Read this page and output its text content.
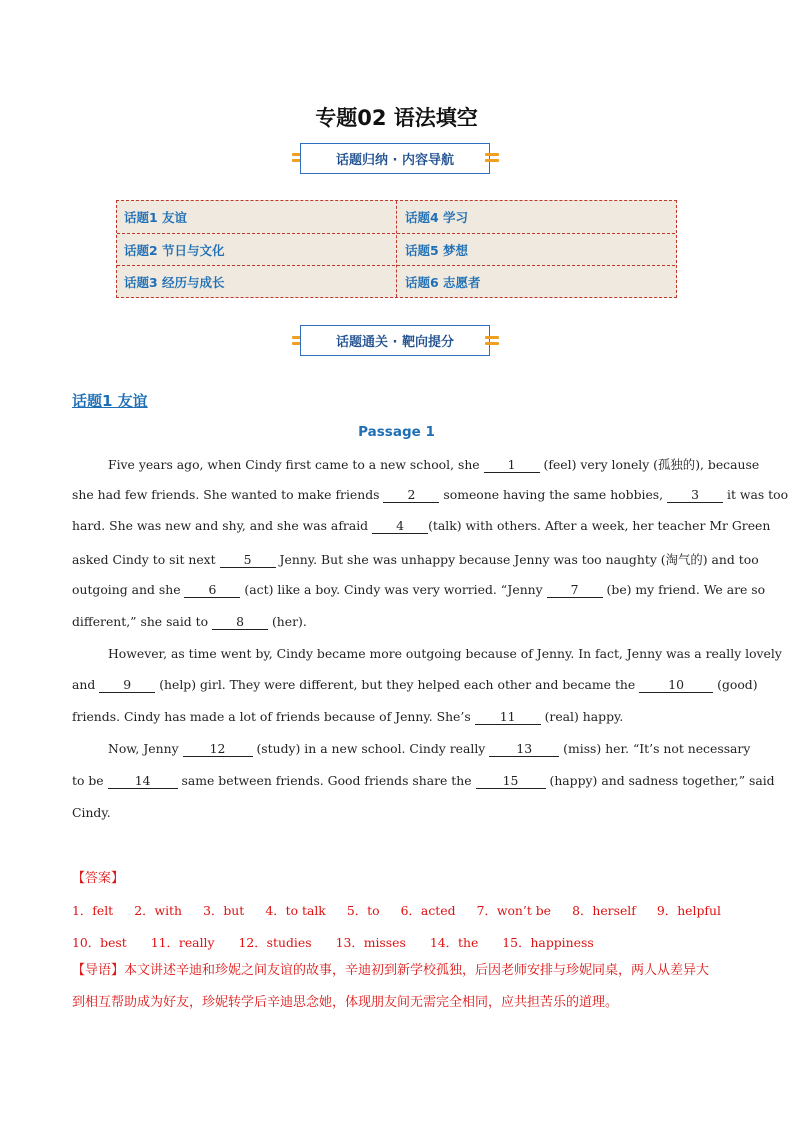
专题02 语法填空
话题归纳 · 内容导航
话题1 友谊	话题4 学习
话题2 节日与文化	话题5 梦想
话题3 经历与成长	话题6 志愿者
话题通关 · 靶向提分
话题1 友谊
Passage 1
Five years ago, when Cindy first came to a new school, she	1	(feel) very lonely (孤独的), because
she had few friends. She wanted to make friends	2	someone having the same hobbies,	3	it was too
hard. She was new and shy, and she was afraid	4	(talk) with others. After a week, her teacher Mr Green
asked Cindy to sit next	5	Jenny. But she was unhappy because Jenny was too naughty (淘气的) and too
outgoing and she	6	(act) like a boy. Cindy was very worried. “Jenny	7	(be) my friend. We are so
different,” she said to	8	(her).
However, as time went by, Cindy became more outgoing because of Jenny. In fact, Jenny was a really lovely
and	9	(help) girl. They were different, but they helped each other and became the	10	(good)
friends. Cindy has made a lot of friends because of Jenny. She’s	11	(real) happy.
Now, Jenny	12	(study) in a new school. Cindy really	13	(miss) her. “It’s not necessary
to be	14	same between friends. Good friends share the	15	(happy) and sadness together,” said
Cindy.
【答案】
1．felt 2．with 3．but 4．to talk 5．to 6．acted 7．won’t be 8．herself 9．helpful
10．best 11．really 12．studies 13．misses 14．the 15．happiness
【导语】本文讲述辛迪和珍妮之间友谊的故事，辛迪初到新学校孤独，后因老师安排与珍妮同桌，两人从差异大到相互帮助成为好友，珍妮转学后辛迪思念她，体现朋友间无需完全相同，应共担苦乐的道理。
